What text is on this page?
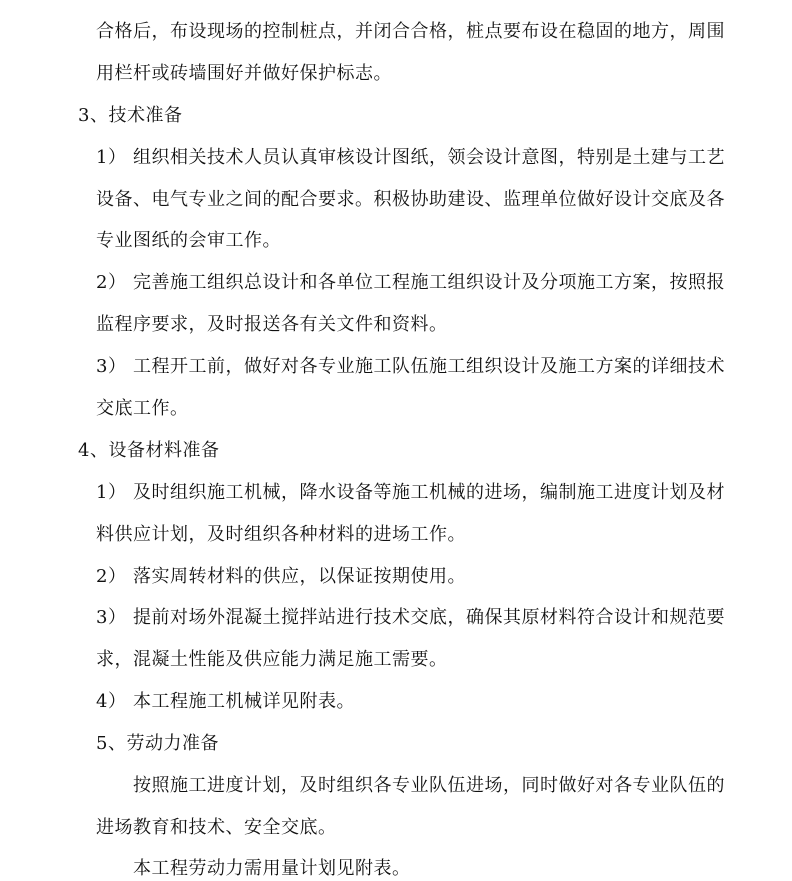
合格后，布设现场的控制桩点，并闭合合格，桩点要布设在稳固的地方，周围
用栏杆或砖墙围好并做好保护标志。
3、技术准备
1） 组织相关技术人员认真审核设计图纸，领会设计意图，特别是土建与工艺
设备、电气专业之间的配合要求。积极协助建设、监理单位做好设计交底及各
专业图纸的会审工作。
2） 完善施工组织总设计和各单位工程施工组织设计及分项施工方案，按照报
监程序要求，及时报送各有关文件和资料。
3） 工程开工前，做好对各专业施工队伍施工组织设计及施工方案的详细技术
交底工作。
4、设备材料准备
1） 及时组织施工机械，降水设备等施工机械的进场，编制施工进度计划及材
料供应计划，及时组织各种材料的进场工作。
2） 落实周转材料的供应，以保证按期使用。
3） 提前对场外混凝土搅拌站进行技术交底，确保其原材料符合设计和规范要
求，混凝土性能及供应能力满足施工需要。
4） 本工程施工机械详见附表。
5、劳动力准备
按照施工进度计划，及时组织各专业队伍进场，同时做好对各专业队伍的
进场教育和技术、安全交底。
本工程劳动力需用量计划见附表。
